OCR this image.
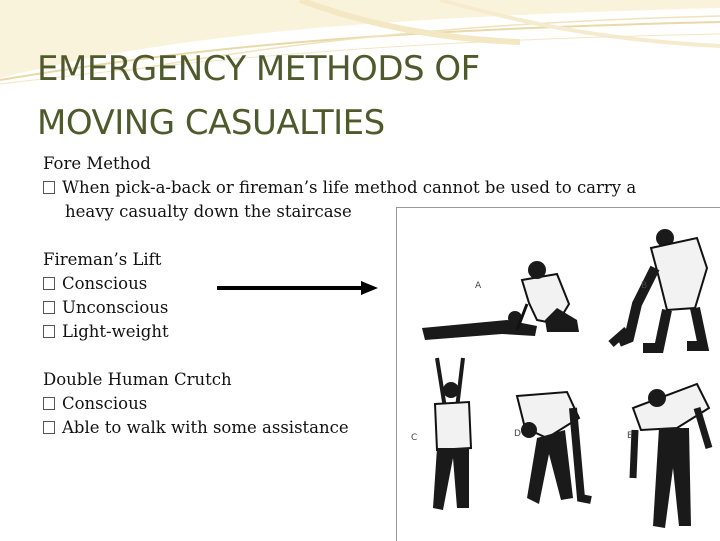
EMERGENCY METHODS OF
MOVING CASUALTIES
Fore Method
When pick-a-back or fireman’s life method cannot be used to carry a
heavy casualty down the staircase
Fireman’s Lift
Conscious
Unconscious
Light-weight
Double Human Crutch
Conscious
Able to walk with some assistance
A	B
C	D	E
